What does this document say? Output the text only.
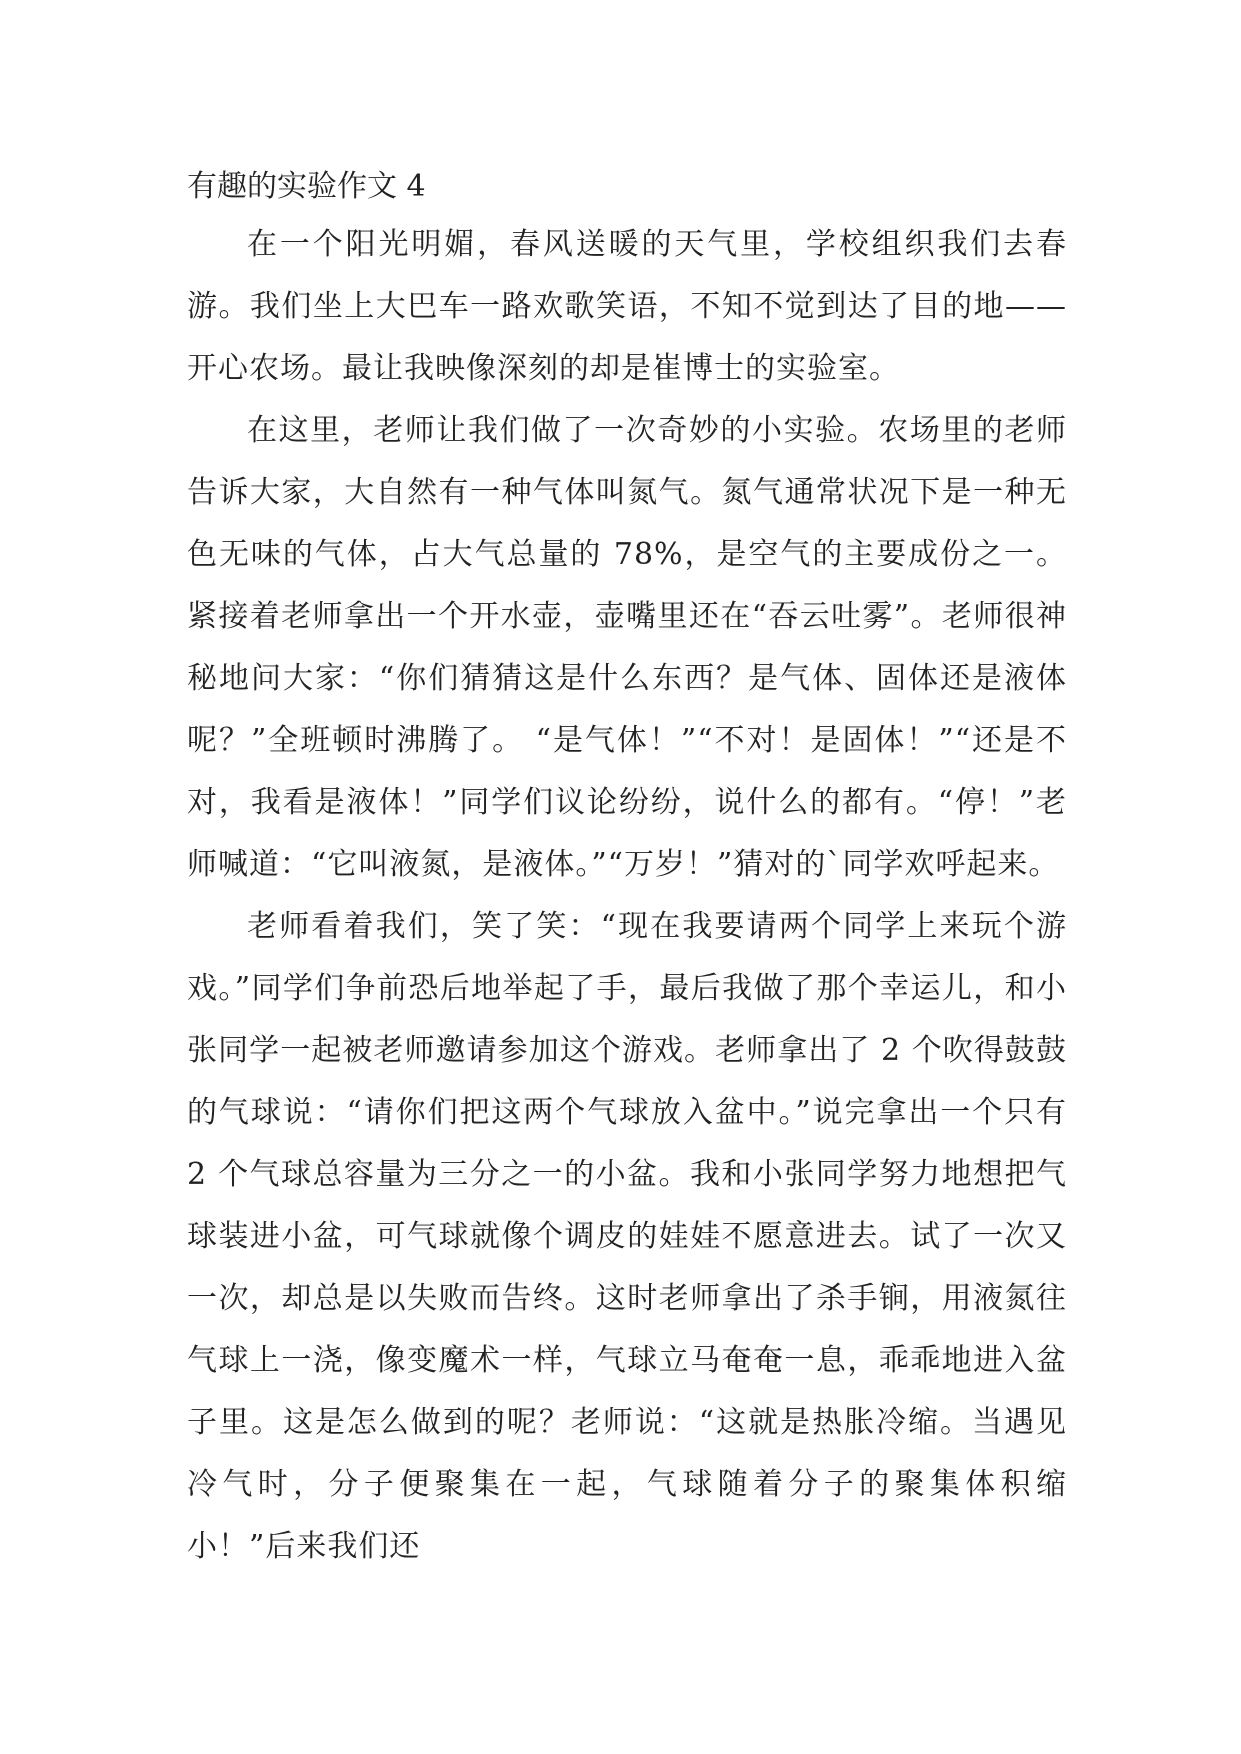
有趣的实验作文 4

在一个阳光明媚，春风送暖的天气里，学校组织我们去春游。我们坐上大巴车一路欢歌笑语，不知不觉到达了目的地——开心农场。最让我映像深刻的却是崔博士的实验室。

在这里，老师让我们做了一次奇妙的小实验。农场里的老师告诉大家，大自然有一种气体叫氮气。氮气通常状况下是一种无色无味的气体，占大气总量的 78%，是空气的主要成份之一。紧接着老师拿出一个开水壶，壶嘴里还在“吞云吐雾”。老师很神秘地问大家：“你们猜猜这是什么东西？是气体、固体还是液体呢？”全班顿时沸腾了。 “是气体！”“不对！是固体！”“还是不对，我看是液体！”同学们议论纷纷，说什么的都有。“停！”老师喊道：“它叫液氮，是液体。”“万岁！”猜对的`同学欢呼起来。

老师看着我们，笑了笑：“现在我要请两个同学上来玩个游戏。”同学们争前恐后地举起了手，最后我做了那个幸运儿，和小张同学一起被老师邀请参加这个游戏。老师拿出了 2 个吹得鼓鼓的气球说：“请你们把这两个气球放入盆中。”说完拿出一个只有 2 个气球总容量为三分之一的小盆。我和小张同学努力地想把气球装进小盆，可气球就像个调皮的娃娃不愿意进去。试了一次又一次，却总是以失败而告终。这时老师拿出了杀手锏，用液氮往气球上一浇，像变魔术一样，气球立马奄奄一息，乖乖地进入盆子里。这是怎么做到的呢？老师说：“这就是热胀冷缩。当遇见冷气时，分子便聚集在一起，气球随着分子的聚集体积缩小！”后来我们还
